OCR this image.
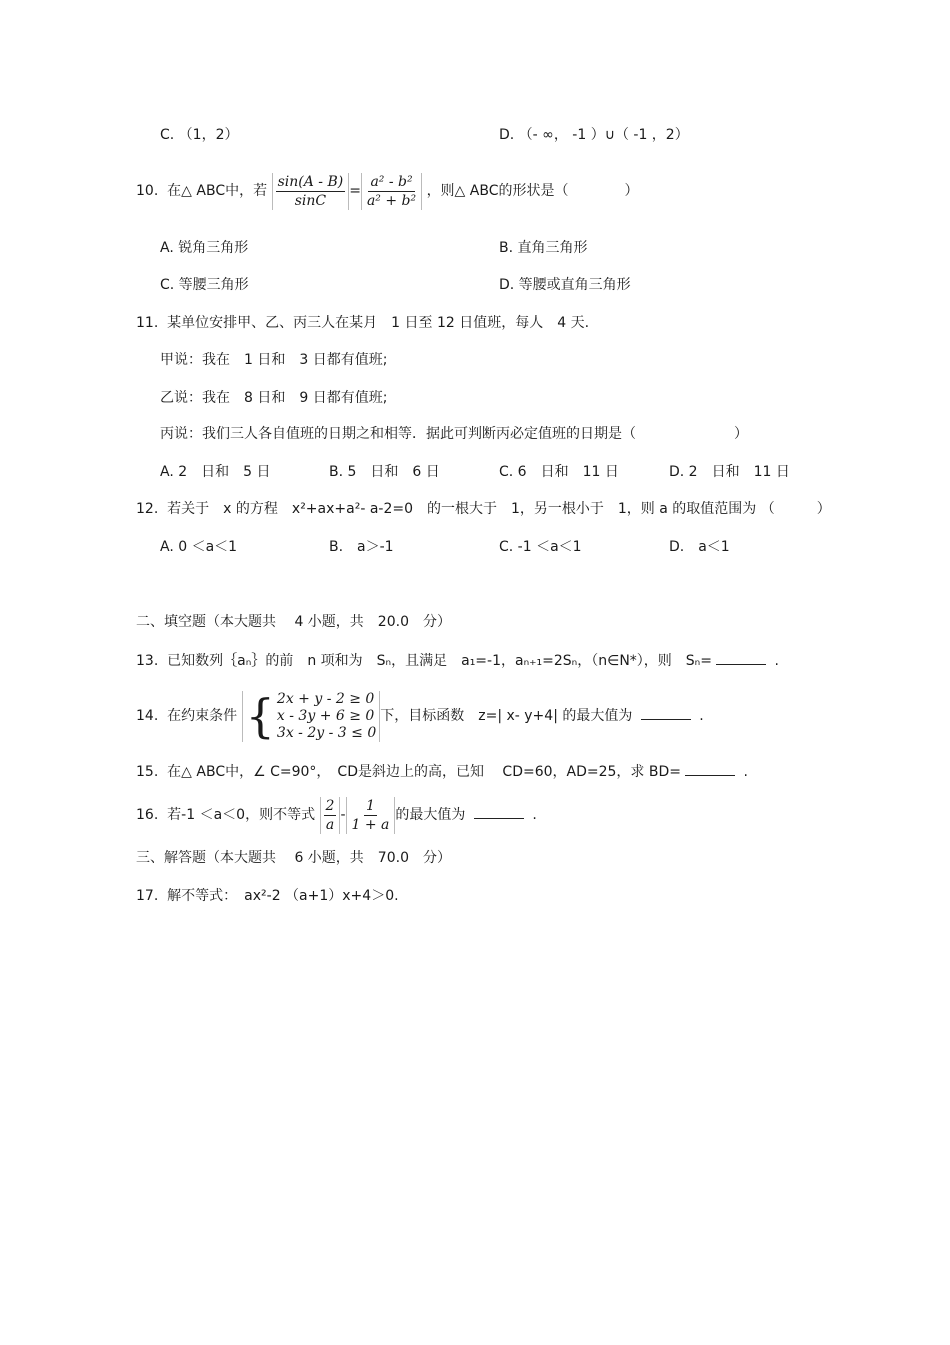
C. （1，2）	D. （- ∞， -1 ）∪（ -1 ，2）
10. 在△ ABC中，若 $\frac{\sin(A - B)}{\sin C} = \frac{\text{a² - b²}}{\text{a² + b²}}$ ，则△ ABC的形状是（　　　　）
A. 锐角三角形	B. 直角三角形
C. 等腰三角形	D. 等腰或直角三角形
11. 某单位安排甲、乙、丙三人在某月　1 日至 12 日值班，每人　4 天.
甲说：我在　1 日和　3 日都有值班;
乙说：我在　8 日和　9 日都有值班;
丙说：我们三人各自值班的日期之和相等．据此可判断丙必定值班的日期是（　　　　　　　）
A. 2　日和　5 日	B. 5　日和　6 日	C. 6　日和　11 日	D. 2　日和　11 日
12. 若关于　x 的方程　x²+ax+a²- a-2=0　的一根大于　1，另一根小于　1，则 a 的取值范围为 （　　　）
A. 0 ＜a＜1	B.　a＞-1	C. -1 ＜a＜1	D.　a＜1
二、填空题（本大题共　 4 小题，共　20.0　分）
13. 已知数列｛aₙ｝的前　n 项和为　Sₙ，且满足　a₁=-1，aₙ₊₁=2Sₙ，（n∈N*），则　Sₙ=	.
14. 在约束条件 { 2x + y - 2 ≥ 0
x - 3y + 6 ≥ 0
3x - 2y - 3 ≤ 0
下，目标函数　z=| x- y+4| 的最大值为	.
15. 在△ ABC中，∠ C=90°，　CD是斜边上的高，已知　 CD=60，AD=25，求 BD=	.
16. 若-1 ＜a＜0，则不等式 $\frac{2}{a} - \frac{1}{1 + a}$ 的最大值为	.
三、解答题（本大题共　 6 小题，共　70.0　分）
17. 解不等式：　ax²-2 （a+1）x+4＞0.
